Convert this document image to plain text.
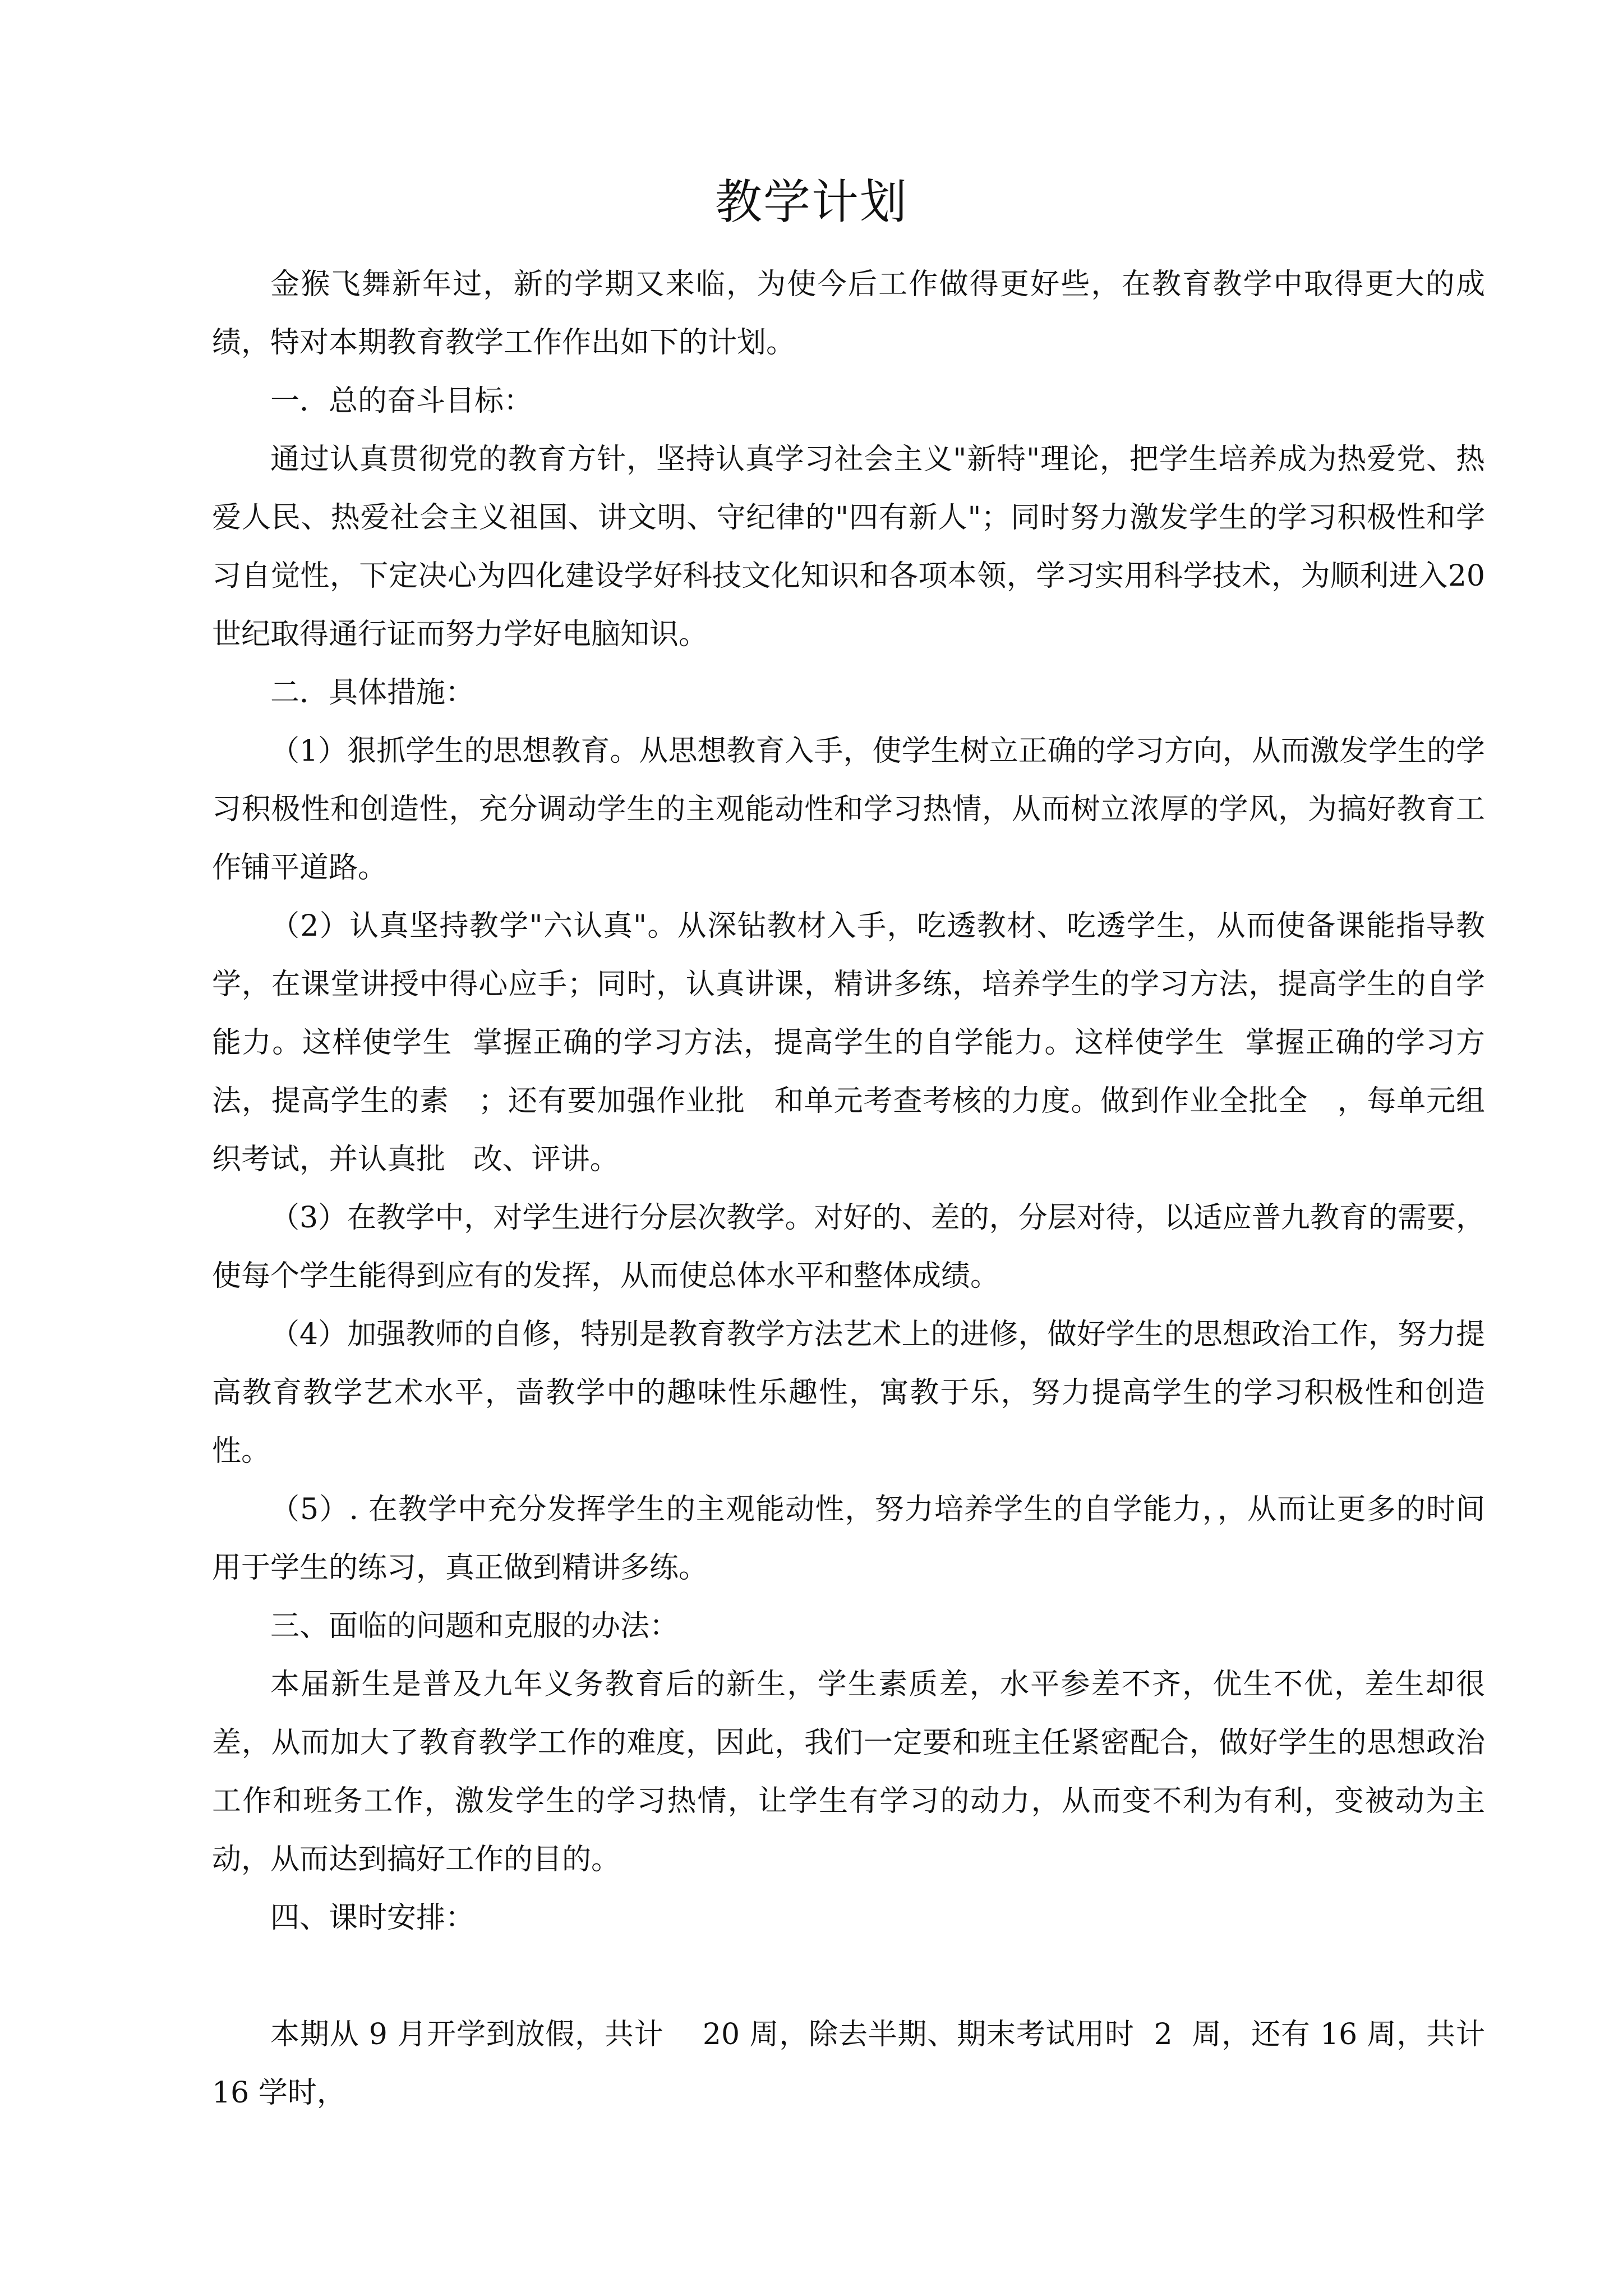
教学计划

金猴飞舞新年过，新的学期又来临，为使今后工作做得更好些，在教育教学中取得更大的成绩，特对本期教育教学工作作出如下的计划。

一．总的奋斗目标：

通过认真贯彻党的教育方针，坚持认真学习社会主义"新特"理论，把学生培养成为热爱党、热爱人民、热爱社会主义祖国、讲文明、守纪律的"四有新人"；同时努力激发学生的学习积极性和学习自觉性，下定决心为四化建设学好科技文化知识和各项本领，学习实用科学技术，为顺利进入20世纪取得通行证而努力学好电脑知识。

二．具体措施：

（1）狠抓学生的思想教育。从思想教育入手，使学生树立正确的学习方向，从而激发学生的学习积极性和创造性，充分调动学生的主观能动性和学习热情，从而树立浓厚的学风，为搞好教育工作铺平道路。

（2）认真坚持教学"六认真"。从深钻教材入手，吃透教材、吃透学生，从而使备课能指导教学，在课堂讲授中得心应手；同时，认真讲课，精讲多练，培养学生的学习方法，提高学生的自学能力。这样使学生  掌握正确的学习方法，提高学生的自学能力。这样使学生  掌握正确的学习方法，提高学生的素   ；还有要加强作业批   和单元考查考核的力度。做到作业全批全   ，每单元组织考试，并认真批   改、评讲。

（3）在教学中，对学生进行分层次教学。对好的、差的，分层对待，以适应普九教育的需要，使每个学生能得到应有的发挥，从而使总体水平和整体成绩。

（4）加强教师的自修，特别是教育教学方法艺术上的进修，做好学生的思想政治工作，努力提高教育教学艺术水平，啬教学中的趣味性乐趣性，寓教于乐，努力提高学生的学习积极性和创造性。

（5）. 在教学中充分发挥学生的主观能动性，努力培养学生的自学能力，，从而让更多的时间用于学生的练习，真正做到精讲多练。

三、面临的问题和克服的办法：

本届新生是普及九年义务教育后的新生，学生素质差，水平参差不齐，优生不优，差生却很差，从而加大了教育教学工作的难度，因此，我们一定要和班主任紧密配合，做好学生的思想政治工作和班务工作，激发学生的学习热情，让学生有学习的动力，从而变不利为有利，变被动为主动，从而达到搞好工作的目的。

四、课时安排：

本期从 9 月开学到放假，共计    20 周，除去半期、期末考试用时  2  周，还有 16 周，共计 16 学时，
